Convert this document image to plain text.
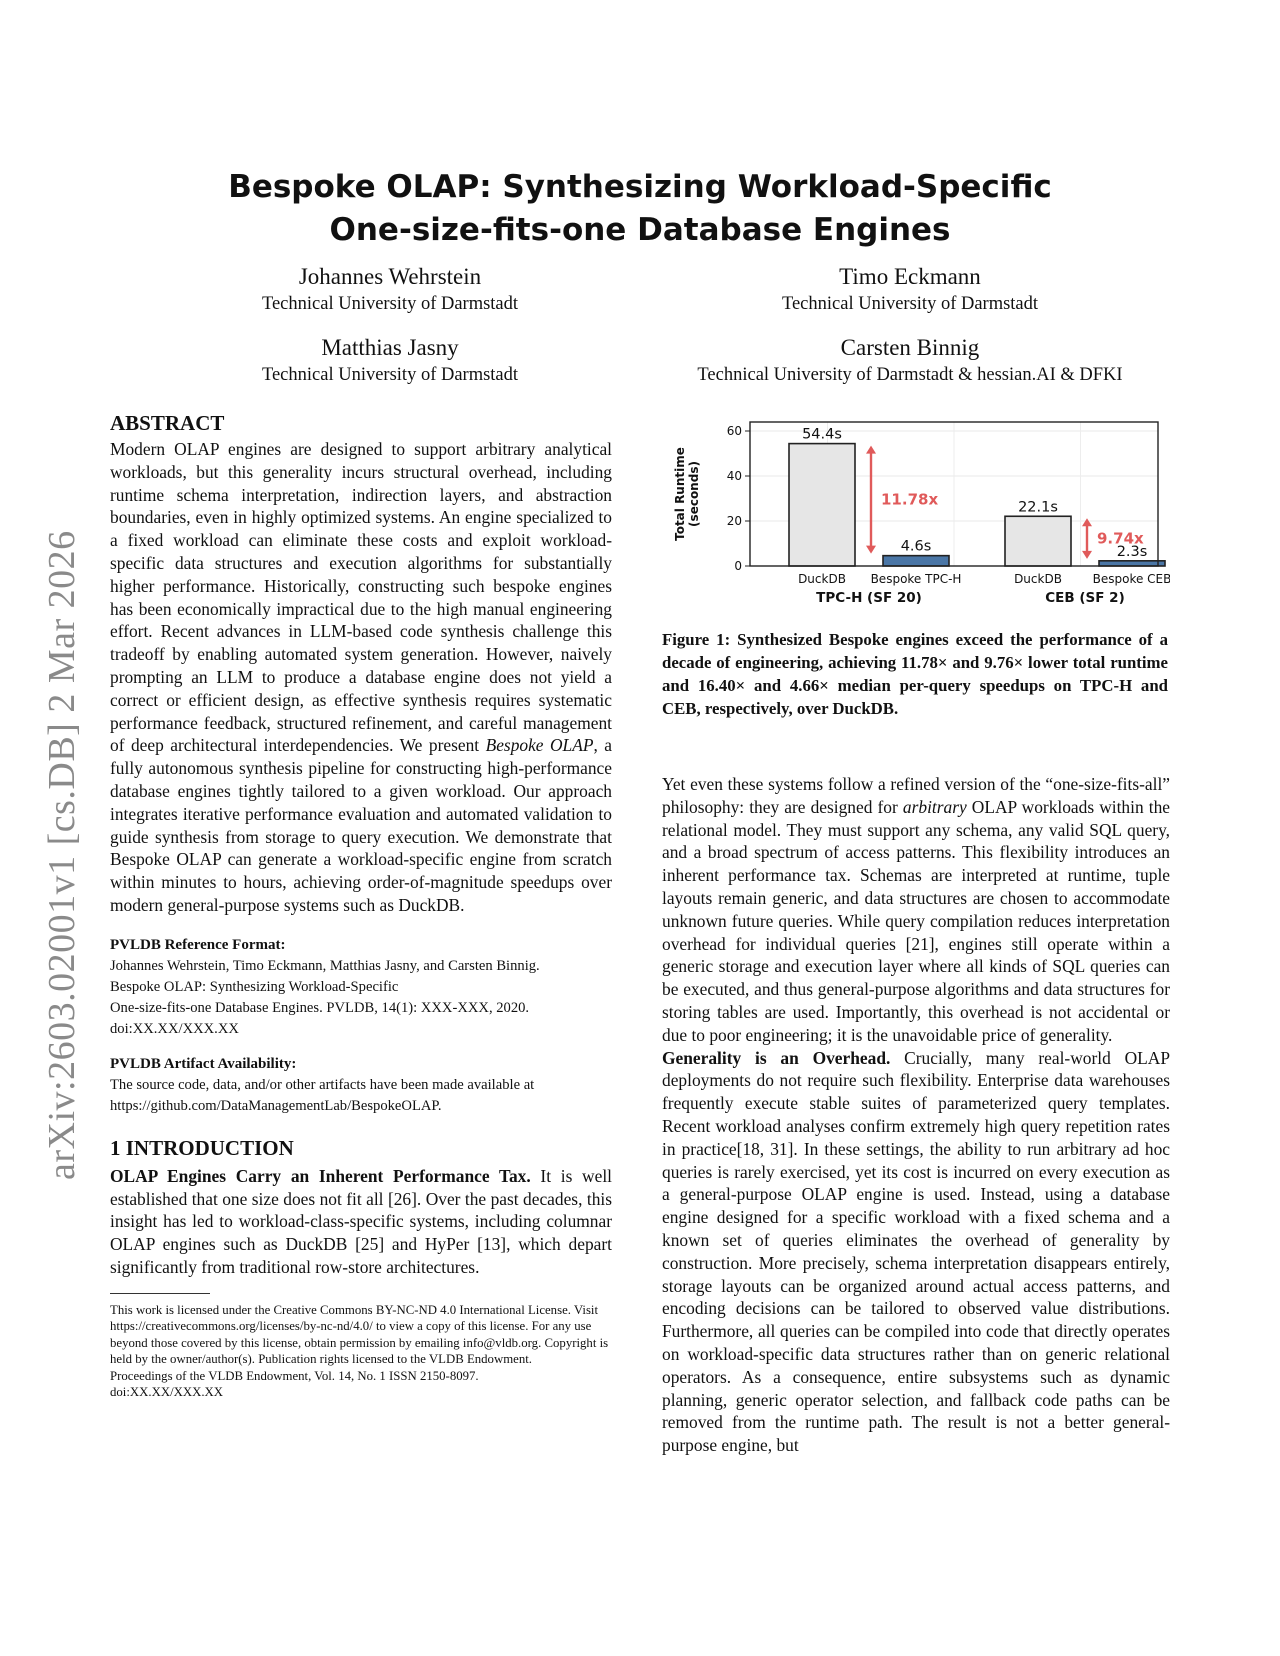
arXiv:2603.02001v1 [cs.DB] 2 Mar 2026
Bespoke OLAP: Synthesizing Workload-Specific
One-size-fits-one Database Engines
Johannes Wehrstein
Technical University of Darmstadt
Timo Eckmann
Technical University of Darmstadt
Matthias Jasny
Technical University of Darmstadt
Carsten Binnig
Technical University of Darmstadt & hessian.AI & DFKI
ABSTRACT

Modern OLAP engines are designed to support arbitrary analytical workloads, but this generality incurs structural overhead, including runtime schema interpretation, indirection layers, and abstraction boundaries, even in highly optimized systems. An engine specialized to a fixed workload can eliminate these costs and exploit workload-specific data structures and execution algorithms for substantially higher performance. Historically, constructing such bespoke engines has been economically impractical due to the high manual engineering effort. Recent advances in LLM-based code synthesis challenge this tradeoff by enabling automated system generation. However, naively prompting an LLM to produce a database engine does not yield a correct or efficient design, as effective synthesis requires systematic performance feedback, structured refinement, and careful management of deep architectural interdependencies. We present Bespoke OLAP, a fully autonomous synthesis pipeline for constructing high-performance database engines tightly tailored to a given workload. Our approach integrates iterative performance evaluation and automated validation to guide synthesis from storage to query execution. We demonstrate that Bespoke OLAP can generate a workload-specific engine from scratch within minutes to hours, achieving order-of-magnitude speedups over modern general-purpose systems such as DuckDB.

PVLDB Reference Format:
Johannes Wehrstein, Timo Eckmann, Matthias Jasny, and Carsten Binnig.
Bespoke OLAP: Synthesizing Workload-Specific
One-size-fits-one Database Engines. PVLDB, 14(1): XXX-XXX, 2020.
doi:XX.XX/XXX.XX
PVLDB Artifact Availability:
The source code, data, and/or other artifacts have been made available at
https://github.com/DataManagementLab/BespokeOLAP.
1 INTRODUCTION

OLAP Engines Carry an Inherent Performance Tax. It is well established that one size does not fit all [26]. Over the past decades, this insight has led to workload-class-specific systems, including columnar OLAP engines such as DuckDB [25] and HyPer [13], which depart significantly from traditional row-store architectures.

This work is licensed under the Creative Commons BY-NC-ND 4.0 International License. Visit https://creativecommons.org/licenses/by-nc-nd/4.0/ to view a copy of this license. For any use beyond those covered by this license, obtain permission by emailing info@vldb.org. Copyright is held by the owner/author(s). Publication rights licensed to the VLDB Endowment.
Proceedings of the VLDB Endowment, Vol. 14, No. 1 ISSN 2150-8097.
doi:XX.XX/XXX.XX
0
20
40
60
Total Runtime(seconds)
54.4s
DuckDB
4.6s
Bespoke TPC-H
TPC-H (SF 20)
11.78x	22.1s
DuckDB
2.3s
Bespoke CEB
CEB (SF 2)
9.74x
Figure 1: Synthesized Bespoke engines exceed the performance of a decade of engineering, achieving 11.78× and 9.76× lower total runtime and 16.40× and 4.66× median per-query speedups on TPC-H and CEB, respectively, over DuckDB.

Yet even these systems follow a refined version of the “one-size-fits-all” philosophy: they are designed for arbitrary OLAP workloads within the relational model. They must support any schema, any valid SQL query, and a broad spectrum of access patterns. This flexibility introduces an inherent performance tax. Schemas are interpreted at runtime, tuple layouts remain generic, and data structures are chosen to accommodate unknown future queries. While query compilation reduces interpretation overhead for individual queries [21], engines still operate within a generic storage and execution layer where all kinds of SQL queries can be executed, and thus general-purpose algorithms and data structures for storing tables are used. Importantly, this overhead is not accidental or due to poor engineering; it is the unavoidable price of generality.

Generality is an Overhead. Crucially, many real-world OLAP deployments do not require such flexibility. Enterprise data warehouses frequently execute stable suites of parameterized query templates. Recent workload analyses confirm extremely high query repetition rates in practice[18, 31]. In these settings, the ability to run arbitrary ad hoc queries is rarely exercised, yet its cost is incurred on every execution as a general-purpose OLAP engine is used. Instead, using a database engine designed for a specific workload with a fixed schema and a known set of queries eliminates the overhead of generality by construction. More precisely, schema interpretation disappears entirely, storage layouts can be organized around actual access patterns, and encoding decisions can be tailored to observed value distributions. Furthermore, all queries can be compiled into code that directly operates on workload-specific data structures rather than on generic relational operators. As a consequence, entire subsystems such as dynamic planning, generic operator selection, and fallback code paths can be removed from the runtime path. The result is not a better general-purpose engine, but
